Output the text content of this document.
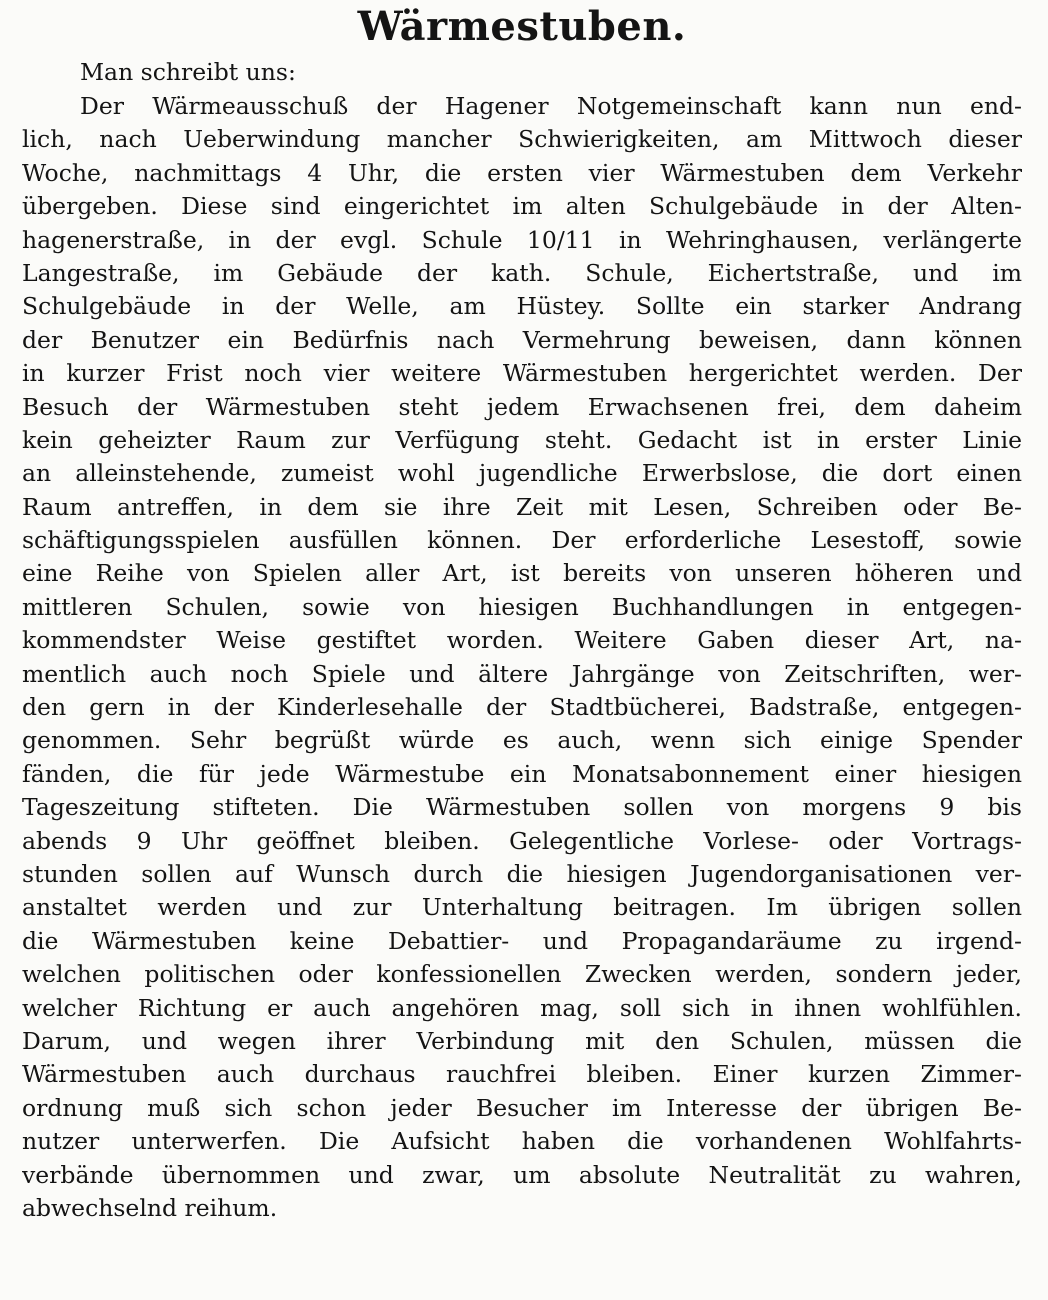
Wärmestuben.

Man schreibt uns:

Der Wärmeausschuß der Hagener Notgemeinschaft kann nun end-
lich, nach Ueberwindung mancher Schwierigkeiten, am Mittwoch dieser
Woche, nachmittags 4 Uhr, die ersten vier Wärmestuben dem Verkehr
übergeben. Diese sind eingerichtet im alten Schulgebäude in der Alten-
hagenerstraße, in der evgl. Schule 10/11 in Wehringhausen, verlängerte
Langestraße, im Gebäude der kath. Schule, Eichertstraße, und im
Schulgebäude in der Welle, am Hüstey. Sollte ein starker Andrang
der Benutzer ein Bedürfnis nach Vermehrung beweisen, dann können
in kurzer Frist noch vier weitere Wärmestuben hergerichtet werden. Der
Besuch der Wärmestuben steht jedem Erwachsenen frei, dem daheim
kein geheizter Raum zur Verfügung steht. Gedacht ist in erster Linie
an alleinstehende, zumeist wohl jugendliche Erwerbslose, die dort einen
Raum antreffen, in dem sie ihre Zeit mit Lesen, Schreiben oder Be-
schäftigungsspielen ausfüllen können. Der erforderliche Lesestoff, sowie
eine Reihe von Spielen aller Art, ist bereits von unseren höheren und
mittleren Schulen, sowie von hiesigen Buchhandlungen in entgegen-
kommendster Weise gestiftet worden. Weitere Gaben dieser Art, na-
mentlich auch noch Spiele und ältere Jahrgänge von Zeitschriften, wer-
den gern in der Kinderlesehalle der Stadtbücherei, Badstraße, entgegen-
genommen. Sehr begrüßt würde es auch, wenn sich einige Spender
fänden, die für jede Wärmestube ein Monatsabonnement einer hiesigen
Tageszeitung stifteten. Die Wärmestuben sollen von morgens 9 bis
abends 9 Uhr geöffnet bleiben. Gelegentliche Vorlese- oder Vortrags-
stunden sollen auf Wunsch durch die hiesigen Jugendorganisationen ver-
anstaltet werden und zur Unterhaltung beitragen. Im übrigen sollen
die Wärmestuben keine Debattier- und Propagandaräume zu irgend-
welchen politischen oder konfessionellen Zwecken werden, sondern jeder,
welcher Richtung er auch angehören mag, soll sich in ihnen wohlfühlen.
Darum, und wegen ihrer Verbindung mit den Schulen, müssen die
Wärmestuben auch durchaus rauchfrei bleiben. Einer kurzen Zimmer-
ordnung muß sich schon jeder Besucher im Interesse der übrigen Be-
nutzer unterwerfen. Die Aufsicht haben die vorhandenen Wohlfahrts-
verbände übernommen und zwar, um absolute Neutralität zu wahren,
abwechselnd reihum.
